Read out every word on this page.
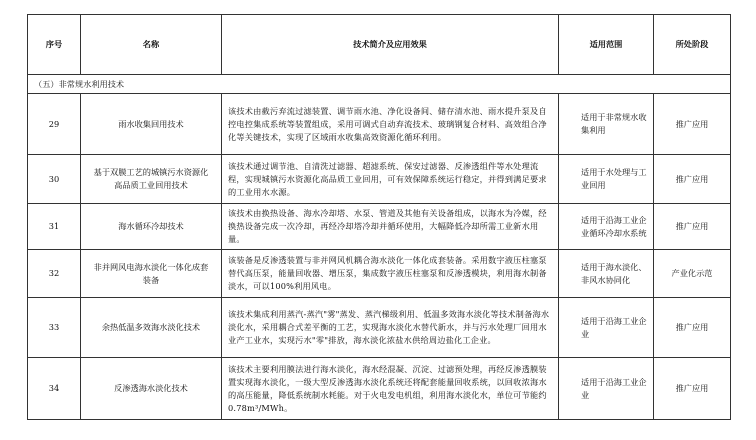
序号	名称	技术简介及应用效果	适用范围	所处阶段
（五）非常规水利用技术				
29	雨水收集回用技术	该技术由截污弃流过滤装置、调节雨水池、净化设备间、储存清水池、雨水提升泵及自控电控集成系统等装置组成，采用可调式自动弃流技术、玻璃钢复合材料、高效组合净化等关键技术，实现了区域雨水收集高效资源化循环利用。	适用于非常规水收集利用	推广应用
30	基于双膜工艺的城镇污水资源化高品质工业回用技术	该技术通过调节池、自清洗过滤器、超滤系统、保安过滤器、反渗透组件等水处理流程，实现城镇污水资源化高品质工业回用，可有效保障系统运行稳定，并得到满足要求的工业用水水源。	适用于水处理与工业回用	推广应用
31	海水循环冷却技术	该技术由换热设备、海水冷却塔、水泵、管道及其他有关设备组成，以海水为冷媒，经换热设备完成一次冷却，再经冷却塔冷却并循环使用，大幅降低冷却所需工业新水用量。	适用于沿海工业企业循环冷却水系统	推广应用
32	非并网风电海水淡化一体化成套装备	该装备是反渗透装置与非并网风机耦合海水淡化一体化成套装备。采用数字液压柱塞泵替代高压泵，能量回收器、增压泵，集成数字液压柱塞泵和反渗透模块，利用海水制备淡水，可以100%利用风电。	适用于海水淡化、非风水协同化	产业化示范
33	余热低温多效海水淡化技术	该技术集成利用蒸汽-蒸汽"雾"蒸发、蒸汽梯级利用、低温多效海水淡化等技术制备海水淡化水，采用耦合式差平衡的工艺，实现海水淡化水替代新水，并与污水处理厂回用水业产工业水，实现污水"零"排放，海水淡化浓盐水供给周边盐化工企业。	适用于沿海工业企业	推广应用
34	反渗透海水淡化技术	该技术主要利用膜法进行海水淡化，海水经混凝、沉淀、过滤预处理，再经反渗透膜装置实现海水淡化，一级大型反渗透海水淡化系统还将配套能量回收系统，以回收浓海水的高压能量，降低系统制水耗能。对于火电发电机组，利用海水淡化水，单位可节能约 0.78m³/MWh。	适用于沿海工业企业	推广应用
